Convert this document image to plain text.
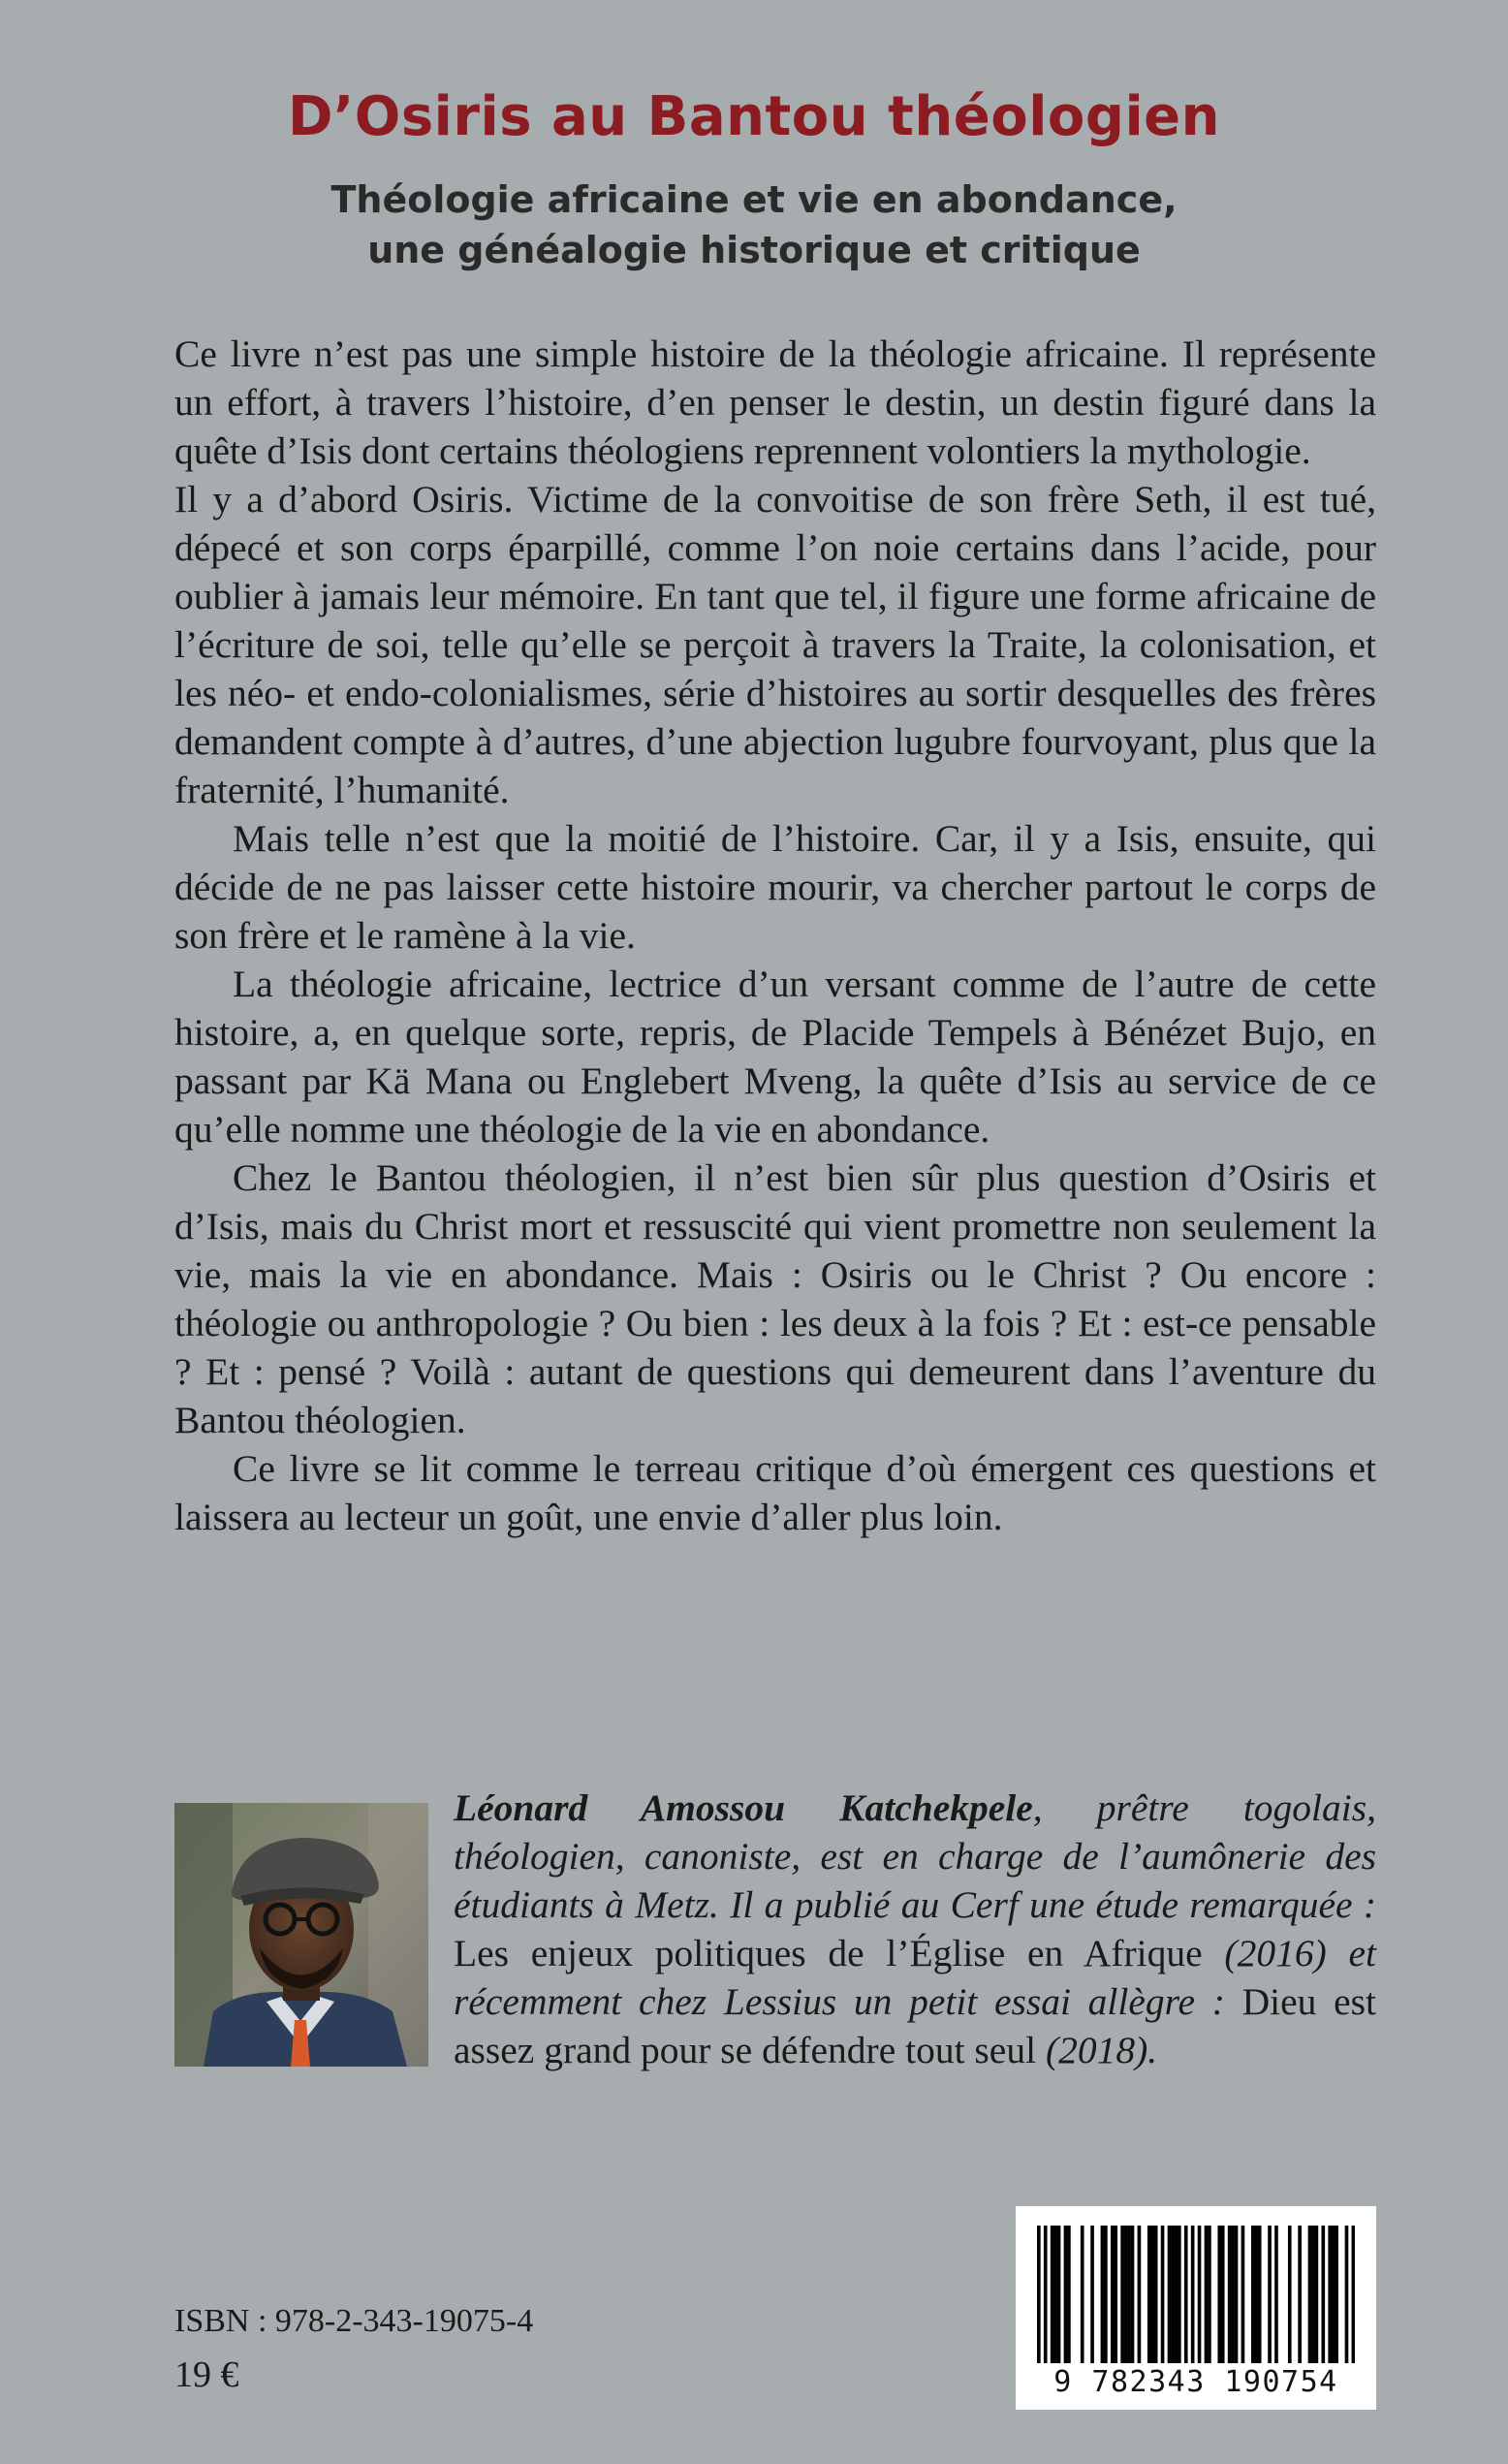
D’Osiris au Bantou théologien
Théologie africaine et vie en abondance,
une généalogie historique et critique

Ce livre n’est pas une simple histoire de la théologie africaine. Il représente un effort, à travers l’histoire, d’en penser le destin, un destin figuré dans la quête d’Isis dont certains théologiens reprennent volontiers la mythologie.

Il y a d’abord Osiris. Victime de la convoitise de son frère Seth, il est tué, dépecé et son corps éparpillé, comme l’on noie certains dans l’acide, pour oublier à jamais leur mémoire. En tant que tel, il figure une forme africaine de l’écriture de soi, telle qu’elle se perçoit à travers la Traite, la colonisation, et les néo- et endo-colonialismes, série d’histoires au sortir desquelles des frères demandent compte à d’autres, d’une abjection lugubre fourvoyant, plus que la fraternité, l’humanité.

Mais telle n’est que la moitié de l’histoire. Car, il y a Isis, ensuite, qui décide de ne pas laisser cette histoire mourir, va chercher partout le corps de son frère et le ramène à la vie.

La théologie africaine, lectrice d’un versant comme de l’autre de cette histoire, a, en quelque sorte, repris, de Placide Tempels à Bénézet Bujo, en passant par Kä Mana ou Englebert Mveng, la quête d’Isis au service de ce qu’elle nomme une théologie de la vie en abondance.

Chez le Bantou théologien, il n’est bien sûr plus question d’Osiris et d’Isis, mais du Christ mort et ressuscité qui vient promettre non seulement la vie, mais la vie en abondance. Mais : Osiris ou le Christ ? Ou encore : théologie ou anthropologie ? Ou bien : les deux à la fois ? Et : est-ce pensable ? Et : pensé ? Voilà : autant de questions qui demeurent dans l’aventure du Bantou théologien.

Ce livre se lit comme le terreau critique d’où émergent ces questions et laissera au lecteur un goût, une envie d’aller plus loin.

Léonard Amossou Katchekpele, prêtre togolais, théologien, canoniste, est en charge de l’aumônerie des étudiants à Metz. Il a publié au Cerf une étude remarquée : Les enjeux politiques de l’Église en Afrique (2016) et récemment chez Lessius un petit essai allègre : Dieu est assez grand pour se défendre tout seul (2018).
ISBN : 978-2-343-19075-4
19 €	9 782343 190754
